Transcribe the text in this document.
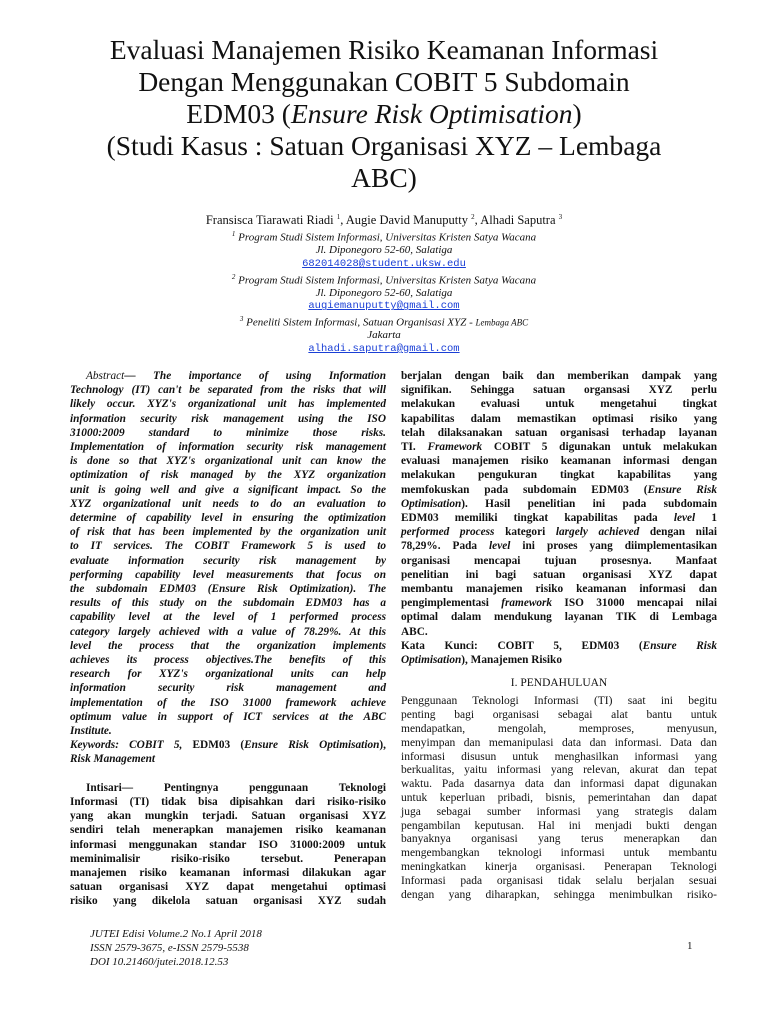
Evaluasi Manajemen Risiko Keamanan Informasi
Dengan Menggunakan COBIT 5 Subdomain
EDM03 (Ensure Risk Optimisation)
(Studi Kasus : Satuan Organisasi XYZ – Lembaga
ABC)
Fransisca Tiarawati Riadi $^1$, Augie David Manuputty $^2$, Alhadi Saputra $^3$
$^1$ Program Studi Sistem Informasi, Universitas Kristen Satya Wacana
Jl. Diponegoro 52-60, Salatiga
682014028@student.uksw.edu
$^2$ Program Studi Sistem Informasi, Universitas Kristen Satya Wacana
Jl. Diponegoro 52-60, Salatiga
augiemanuputty@gmail.com
$^3$ Peneliti Sistem Informasi, Satuan Organisasi XYZ - Lembaga ABC
Jakarta
alhadi.saputra@gmail.com

Abstract— The importance of using Information

Technology (IT) can't be separated from the risks that will

likely occur. XYZ's organizational unit has implemented

information security risk management using the ISO

31000:2009 standard to minimize those risks.

Implementation of information security risk management

is done so that XYZ's organizational unit can know the

optimization of risk managed by the XYZ organization

unit is going well and give a significant impact. So the

XYZ organizational unit needs to do an evaluation to

determine of capability level in ensuring the optimization

of risk that has been implemented by the organization unit

to IT services. The COBIT Framework 5 is used to

evaluate information security risk management by

performing capability level measurements that focus on

the subdomain EDM03 (Ensure Risk Optimization). The

results of this study on the subdomain EDM03 has a

capability level at the level of 1 performed process

category largely achieved with a value of 78.29%. At this

level the process that the organization implements

achieves its process objectives.The benefits of this

research for XYZ's organizational units can help

information security risk management and

implementation of the ISO 31000 framework achieve

optimum value in support of ICT services at the ABC

Institute.

Keywords: COBIT 5, EDM03 (Ensure Risk Optimisation),

Risk Management

Intisari— Pentingnya penggunaan Teknologi

Informasi (TI) tidak bisa dipisahkan dari risiko-risiko

yang akan mungkin terjadi. Satuan organisasi XYZ

sendiri telah menerapkan manajemen risiko keamanan

informasi menggunakan standar ISO 31000:2009 untuk

meminimalisir risiko-risiko tersebut. Penerapan

manajemen risiko keamanan informasi dilakukan agar

satuan organisasi XYZ dapat mengetahui optimasi

risiko yang dikelola satuan organisasi XYZ sudah

berjalan dengan baik dan memberikan dampak yang

signifikan. Sehingga satuan organsasi XYZ perlu

melakukan evaluasi untuk mengetahui tingkat

kapabilitas dalam memastikan optimasi risiko yang

telah dilaksanakan satuan organisasi terhadap layanan

TI. Framework COBIT 5 digunakan untuk melakukan

evaluasi manajemen risiko keamanan informasi dengan

melakukan pengukuran tingkat kapabilitas yang

memfokuskan pada subdomain EDM03 (Ensure Risk

Optimisation). Hasil penelitian ini pada subdomain

EDM03 memiliki tingkat kapabilitas pada level 1

performed process kategori largely achieved dengan nilai

78,29%. Pada level ini proses yang diimplementasikan

organisasi mencapai tujuan prosesnya. Manfaat

penelitian ini bagi satuan organisasi XYZ dapat

membantu manajemen risiko keamanan informasi dan

pengimplementasi framework ISO 31000 mencapai nilai

optimal dalam mendukung layanan TIK di Lembaga

ABC.

Kata Kunci: COBIT 5, EDM03 (Ensure Risk

Optimisation), Manajemen Risiko

I. PENDAHULUAN

Penggunaan Teknologi Informasi (TI) saat ini begitu

penting bagi organisasi sebagai alat bantu untuk

mendapatkan, mengolah, memproses, menyusun,

menyimpan dan memanipulasi data dan informasi. Data dan

informasi disusun untuk menghasilkan informasi yang

berkualitas, yaitu informasi yang relevan, akurat dan tepat

waktu. Pada dasarnya data dan informasi dapat digunakan

untuk keperluan pribadi, bisnis, pemerintahan dan dapat

juga sebagai sumber informasi yang strategis dalam

pengambilan keputusan. Hal ini menjadi bukti dengan

banyaknya organisasi yang terus menerapkan dan

mengembangkan teknologi informasi untuk membantu

meningkatkan kinerja organisasi. Penerapan Teknologi

Informasi pada organisasi tidak selalu berjalan sesuai

dengan yang diharapkan, sehingga menimbulkan risiko-

JUTEI Edisi Volume.2 No.1 April 2018
ISSN 2579-3675, e-ISSN 2579-5538
DOI 10.21460/jutei.2018.12.53
1
